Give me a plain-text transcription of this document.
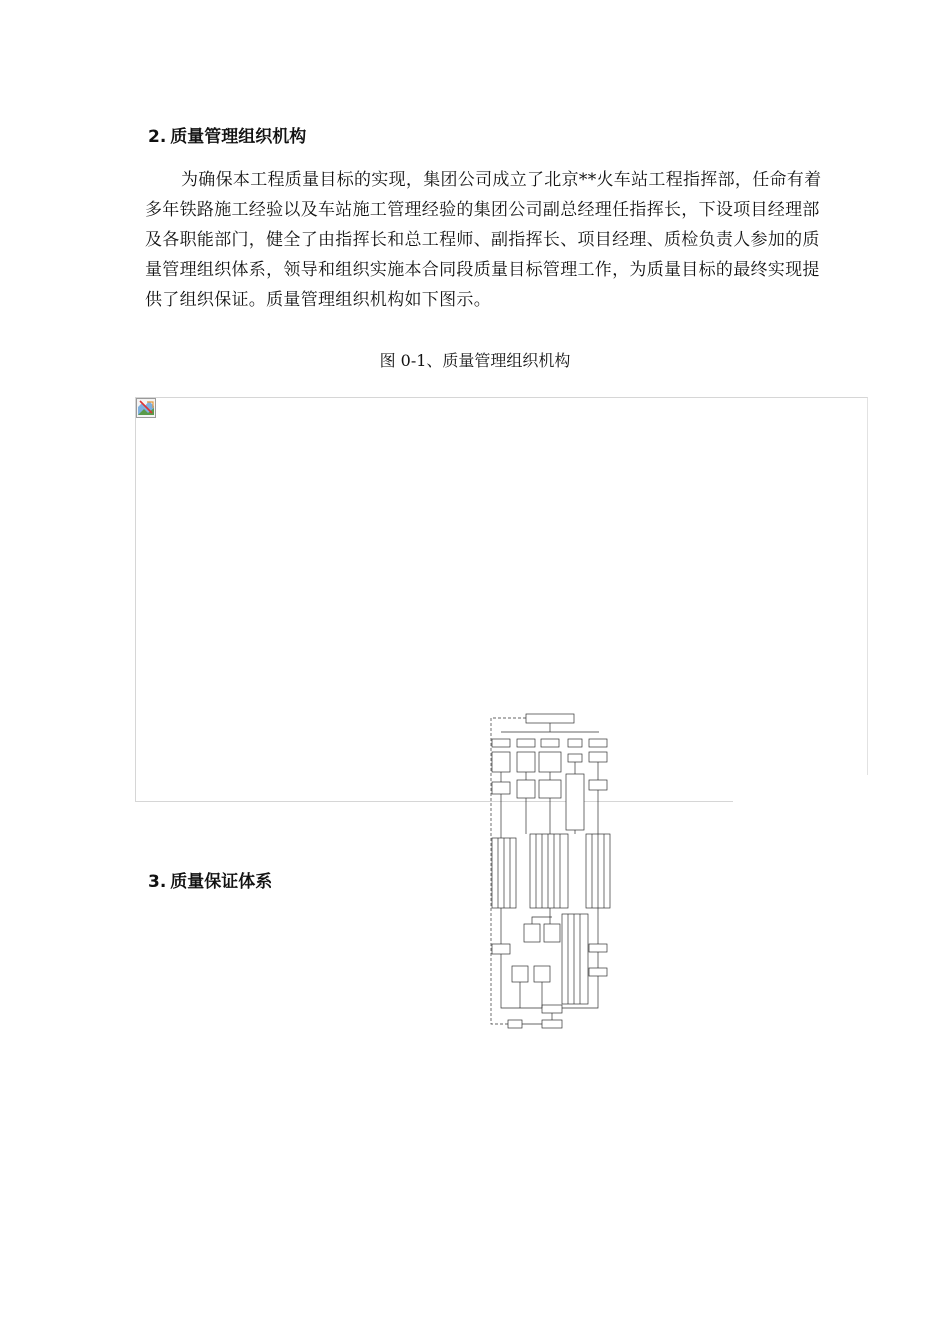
2. 质量管理组织机构

为确保本工程质量目标的实现，集团公司成立了北京**火车站工程指挥部，任命有着多年铁路施工经验以及车站施工管理经验的集团公司副总经理任指挥长，下设项目经理部及各职能部门，健全了由指挥长和总工程师、副指挥长、项目经理、质检负责人参加的质量管理组织体系，领导和组织实施本合同段质量目标管理工作，为质量目标的最终实现提供了组织保证。质量管理组织机构如下图示。

图 0-1、质量管理组织机构

3. 质量保证体系
